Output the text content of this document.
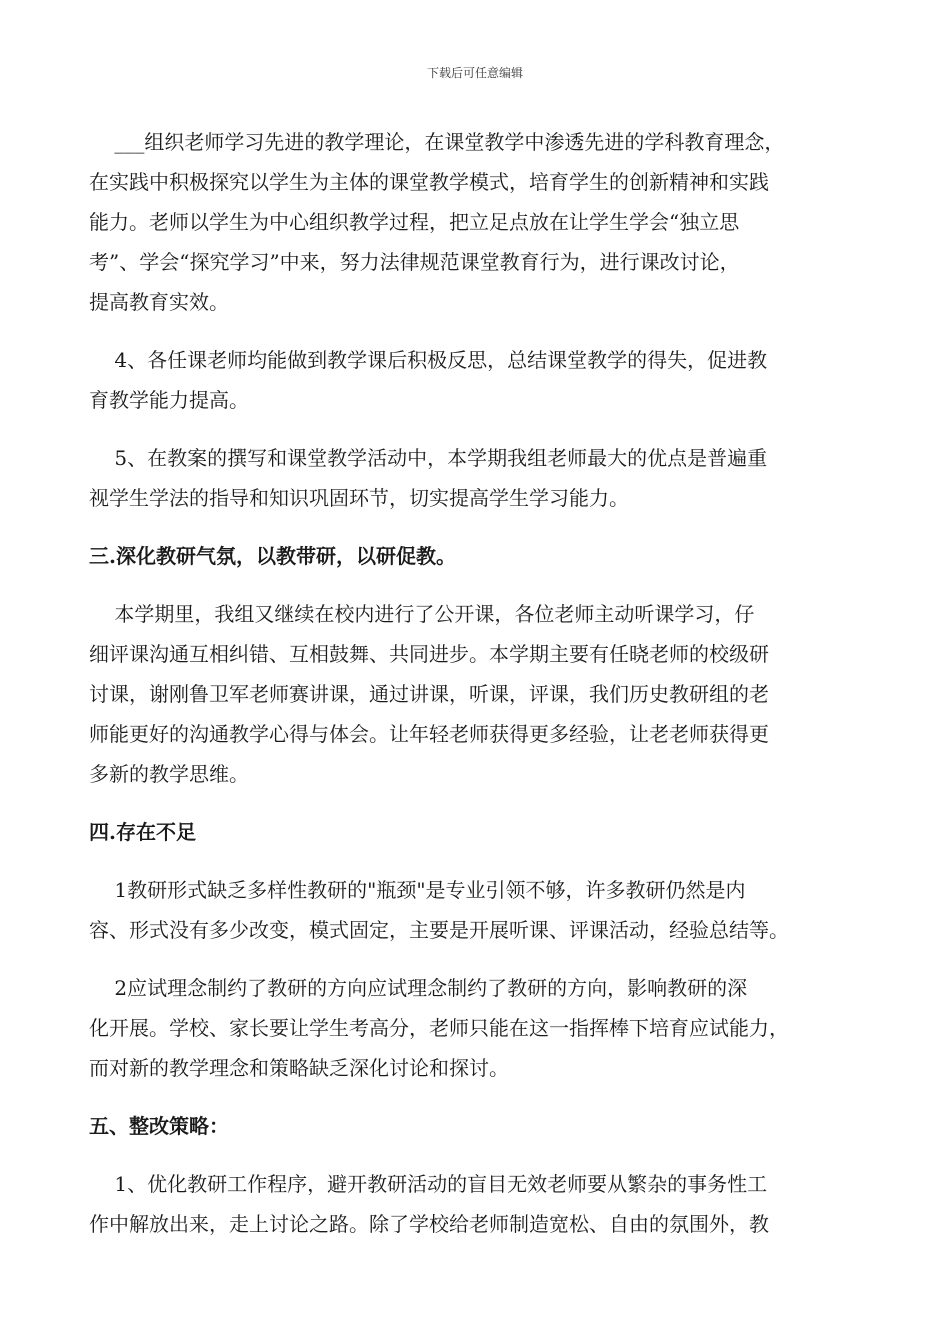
下载后可任意编辑
___组织老师学习先进的教学理论，在课堂教学中渗透先进的学科教育理念，
在实践中积极探究以学生为主体的课堂教学模式，培育学生的创新精神和实践
能力。老师以学生为中心组织教学过程，把立足点放在让学生学会“独立思
考”、学会“探究学习”中来，努力法律规范课堂教育行为，进行课改讨论，
提高教育实效。
4、各任课老师均能做到教学课后积极反思，总结课堂教学的得失，促进教
育教学能力提高。
5、在教案的撰写和课堂教学活动中，本学期我组老师最大的优点是普遍重
视学生学法的指导和知识巩固环节，切实提高学生学习能力。
三.深化教研气氛，以教带研，以研促教。
本学期里，我组又继续在校内进行了公开课，各位老师主动听课学习，仔
细评课沟通互相纠错、互相鼓舞、共同进步。本学期主要有任晓老师的校级研
讨课，谢刚鲁卫军老师赛讲课，通过讲课，听课，评课，我们历史教研组的老
师能更好的沟通教学心得与体会。让年轻老师获得更多经验，让老老师获得更
多新的教学思维。
四.存在不足
1教研形式缺乏多样性教研的"瓶颈"是专业引领不够，许多教研仍然是内
容、形式没有多少改变，模式固定，主要是开展听课、评课活动，经验总结等。
2应试理念制约了教研的方向应试理念制约了教研的方向，影响教研的深
化开展。学校、家长要让学生考高分，老师只能在这一指挥棒下培育应试能力，
而对新的教学理念和策略缺乏深化讨论和探讨。
五、整改策略：
1、优化教研工作程序，避开教研活动的盲目无效老师要从繁杂的事务性工
作中解放出来，走上讨论之路。除了学校给老师制造宽松、自由的氛围外，教
